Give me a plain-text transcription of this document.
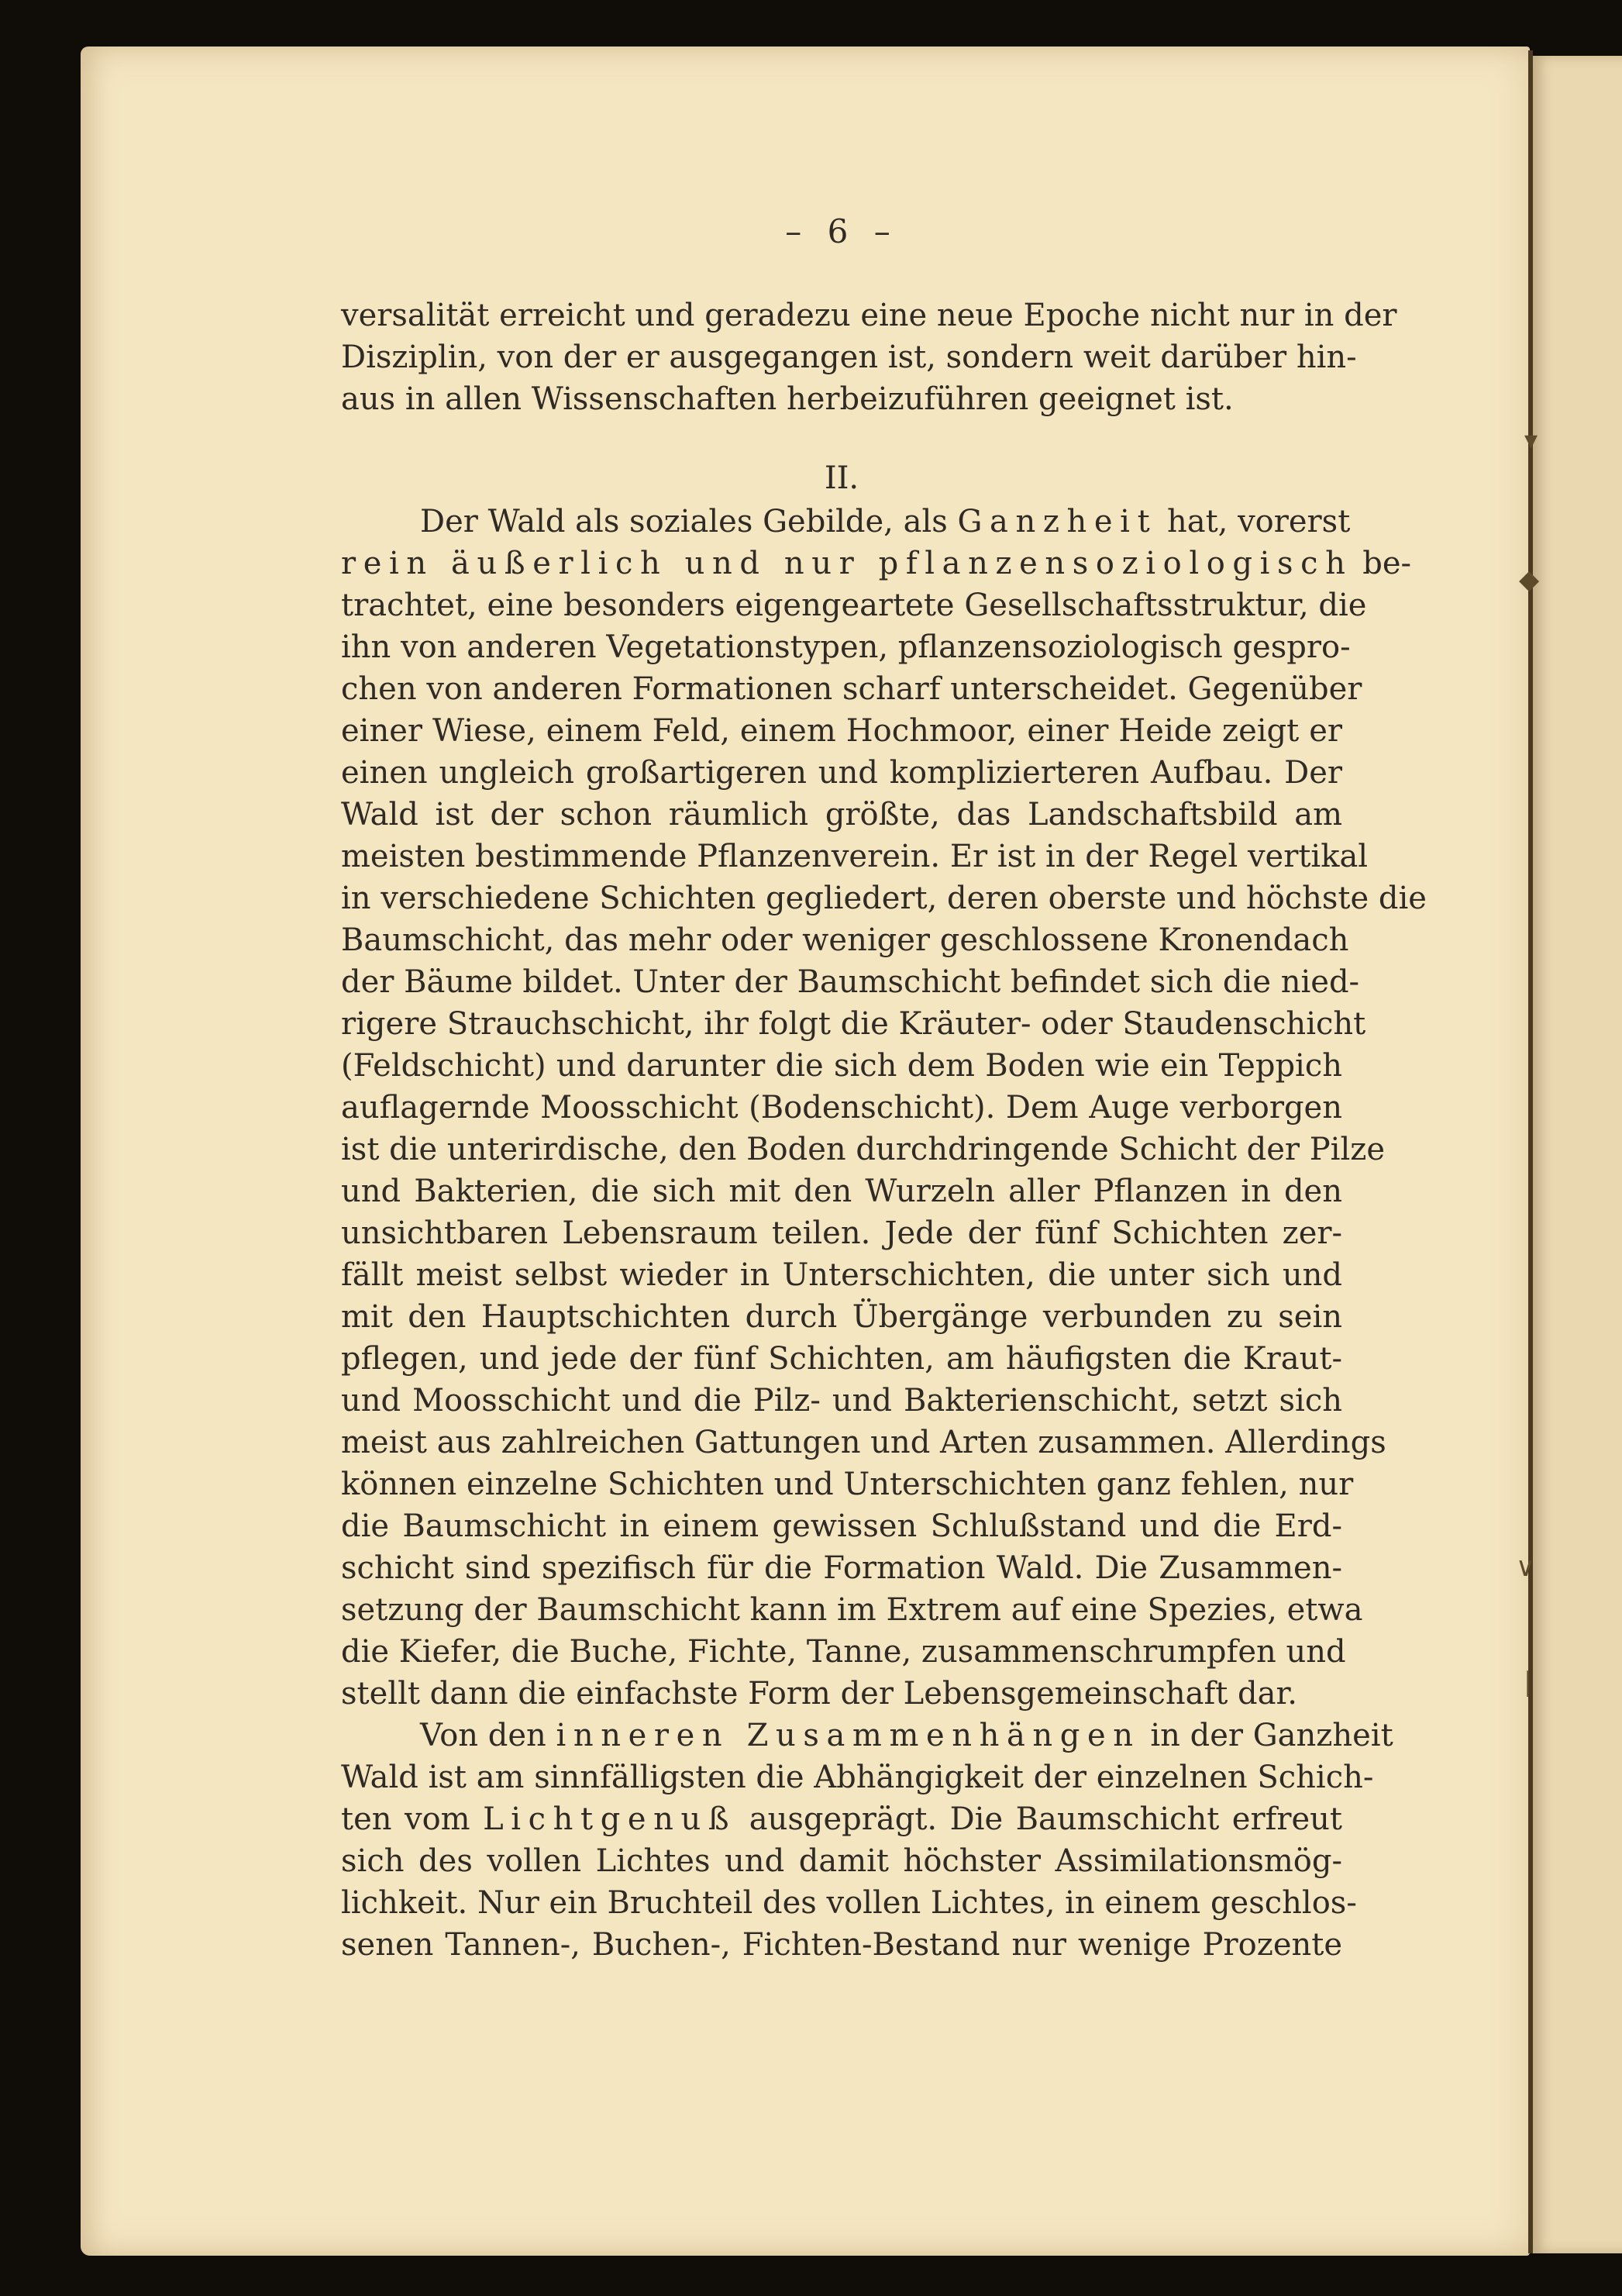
▾
◆
∨
|
– 6 –
versalität erreicht und geradezu eine neue Epoche nicht nur in der
Disziplin, von der er ausgegangen ist, sondern weit darüber hin-
aus in allen Wissenschaften herbeizuführen geeignet ist.
II.
Der Wald als soziales Gebilde, als Ganzheit hat, vorerst
rein äußerlich und nur pflanzensoziologisch be-
trachtet, eine besonders eigengeartete Gesellschaftsstruktur, die
ihn von anderen Vegetationstypen, pflanzensoziologisch gespro-
chen von anderen Formationen scharf unterscheidet. Gegenüber
einer Wiese, einem Feld, einem Hochmoor, einer Heide zeigt er
einen ungleich großartigeren und komplizierteren Aufbau. Der
Wald ist der schon räumlich größte, das Landschaftsbild am
meisten bestimmende Pflanzenverein. Er ist in der Regel vertikal
in verschiedene Schichten gegliedert, deren oberste und höchste die
Baumschicht, das mehr oder weniger geschlossene Kronendach
der Bäume bildet. Unter der Baumschicht befindet sich die nied-
rigere Strauchschicht, ihr folgt die Kräuter- oder Staudenschicht
(Feldschicht) und darunter die sich dem Boden wie ein Teppich
auflagernde Moosschicht (Bodenschicht). Dem Auge verborgen
ist die unterirdische, den Boden durchdringende Schicht der Pilze
und Bakterien, die sich mit den Wurzeln aller Pflanzen in den
unsichtbaren Lebensraum teilen. Jede der fünf Schichten zer-
fällt meist selbst wieder in Unterschichten, die unter sich und
mit den Hauptschichten durch Übergänge verbunden zu sein
pflegen, und jede der fünf Schichten, am häufigsten die Kraut-
und Moosschicht und die Pilz- und Bakterienschicht, setzt sich
meist aus zahlreichen Gattungen und Arten zusammen. Allerdings
können einzelne Schichten und Unterschichten ganz fehlen, nur
die Baumschicht in einem gewissen Schlußstand und die Erd-
schicht sind spezifisch für die Formation Wald. Die Zusammen-
setzung der Baumschicht kann im Extrem auf eine Spezies, etwa
die Kiefer, die Buche, Fichte, Tanne, zusammenschrumpfen und
stellt dann die einfachste Form der Lebensgemeinschaft dar.
Von den inneren Zusammenhängen in der Ganzheit
Wald ist am sinnfälligsten die Abhängigkeit der einzelnen Schich-
ten vom Lichtgenuß ausgeprägt. Die Baumschicht erfreut
sich des vollen Lichtes und damit höchster Assimilationsmög-
lichkeit. Nur ein Bruchteil des vollen Lichtes, in einem geschlos-
senen Tannen-, Buchen-, Fichten-Bestand nur wenige Prozente
